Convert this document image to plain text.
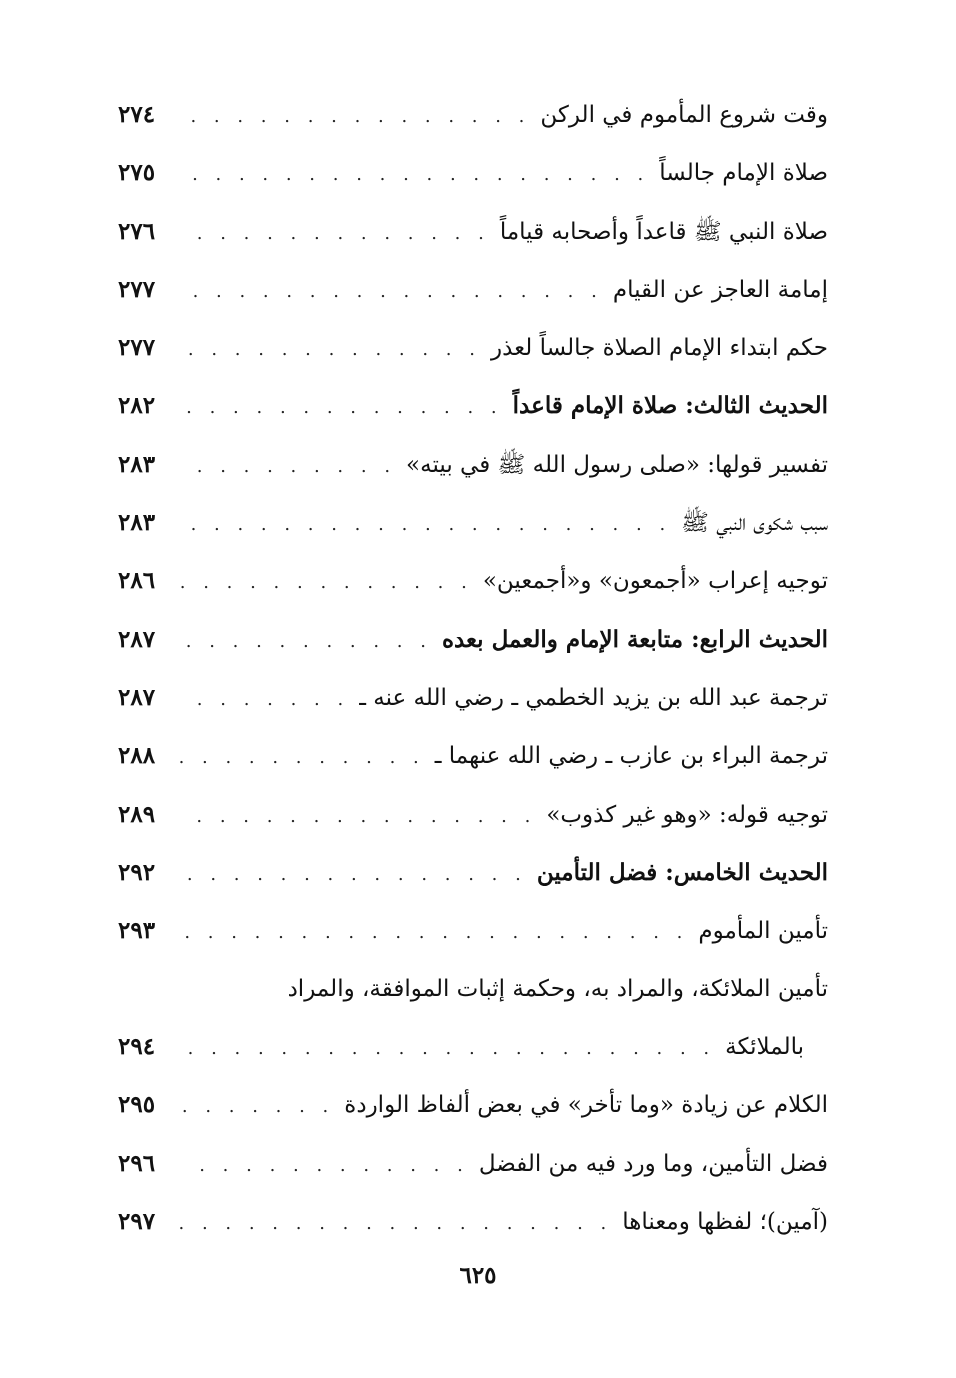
وقت شروع المأموم في الركن
. . .
٢٧٤
صلاة الإمام جالساً
. . .
٢٧٥
صلاة النبي ﷺ قاعداً وأصحابه قياماً
. . .
٢٧٦
إمامة العاجز عن القيام
. . .
٢٧٧
حكم ابتداء الإمام الصلاة جالساً لعذر
. . .
٢٧٧
الحديث الثالث: صلاة الإمام قاعداً
. . .
٢٨٢
تفسير قولها: «صلى رسول الله ﷺ في بيته»
. . .
٢٨٣
سبب شكوى النبي ﷺ
. . .
٢٨٣
توجيه إعراب «أجمعون» و«أجمعين»
. . .
٢٨٦
الحديث الرابع: متابعة الإمام والعمل بعده
. . .
٢٨٧
ترجمة عبد الله بن يزيد الخطمي ـ رضي الله عنه ـ
. . .
٢٨٧
ترجمة البراء بن عازب ـ رضي الله عنهما ـ
. . .
٢٨٨
توجيه قوله: «وهو غير كذوب»
. . .
٢٨٩
الحديث الخامس: فضل التأمين
. . .
٢٩٢
تأمين المأموم
. . .
٢٩٣
تأمين الملائكة، والمراد به، وحكمة إثبات الموافقة، والمراد
بالملائكة
. . .
٢٩٤
الكلام عن زيادة «وما تأخر» في بعض ألفاظ الواردة
. . .
٢٩٥
فضل التأمين، وما ورد فيه من الفضل
. . .
٢٩٦
(آمين)؛ لفظها ومعناها
. . .
٢٩٧
٦٢٥
